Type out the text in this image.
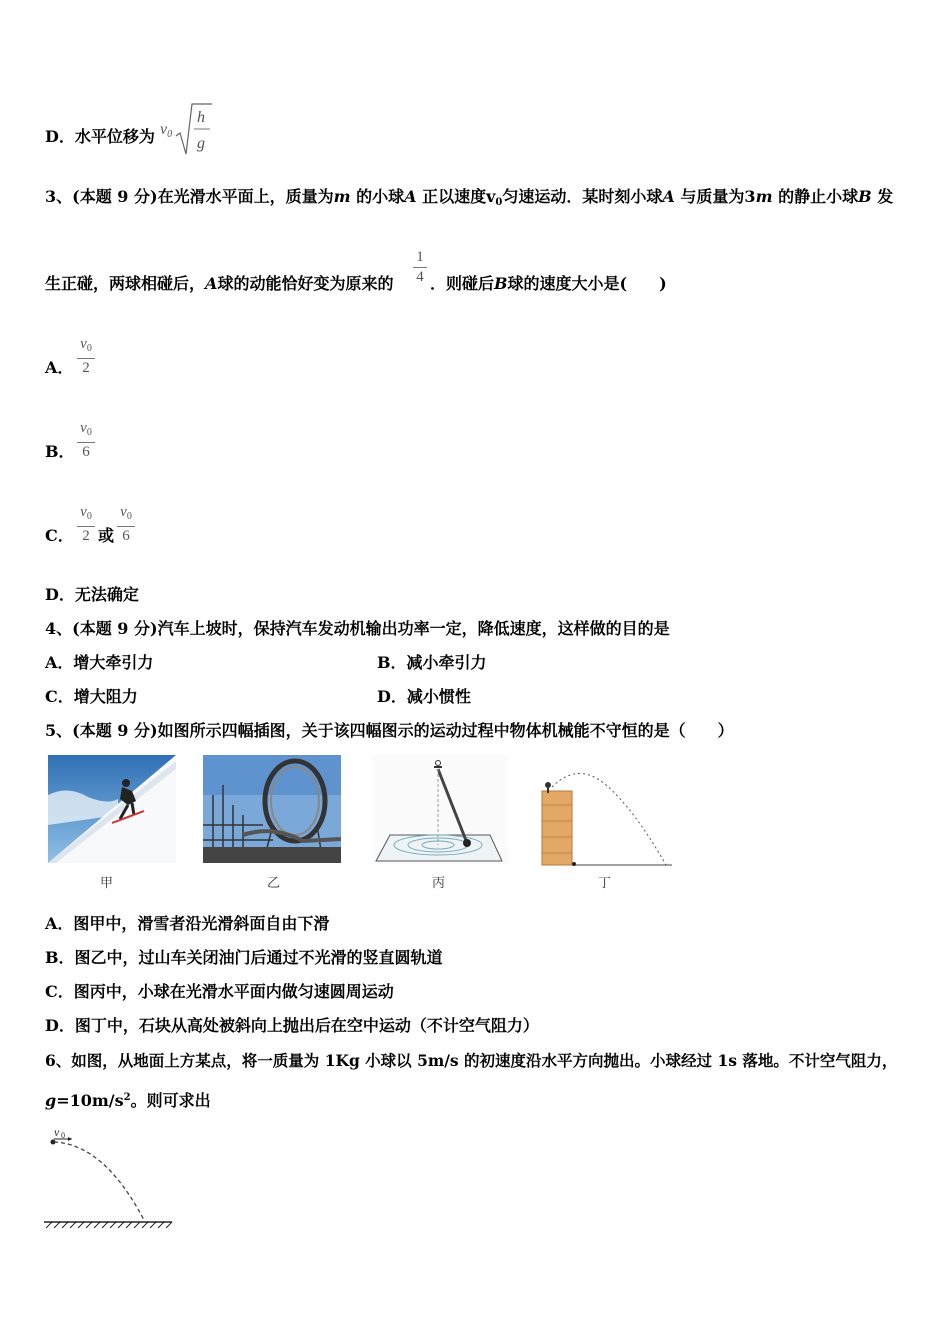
D．水平位移为 $v_0$
h
g
3、(本题 9 分)在光滑水平面上，质量为m 的小球A 正以速度$v_0$匀速运动．某时刻小球A 与质量为3m 的静止小球B 发
生正碰，两球相碰后，A球的动能恰好变为原来的
1
4 ．则碰后B球的速度大小是(　　)
A．
$v_0$
2
B．
$v_0$
6
C．
$v_0$
2 或
$v_0$
6
D．无法确定
4、(本题 9 分)汽车上坡时，保持汽车发动机输出功率一定，降低速度，这样做的目的是
A．增大牵引力	B．减小牵引力
C．增大阻力	D．减小惯性
5、(本题 9 分)如图所示四幅插图，关于该四幅图示的运动过程中物体机械能不守恒的是（　　）
甲	乙	丙	丁
A．图甲中，滑雪者沿光滑斜面自由下滑
B．图乙中，过山车关闭油门后通过不光滑的竖直圆轨道
C．图丙中，小球在光滑水平面内做匀速圆周运动
D．图丁中，石块从高处被斜向上抛出后在空中运动（不计空气阻力）
6、如图，从地面上方某点，将一质量为 1Kg 小球以 5m/s 的初速度沿水平方向抛出。小球经过 1s 落地。不计空气阻力，
$g=10m/s^2$。则可求出
v 0
